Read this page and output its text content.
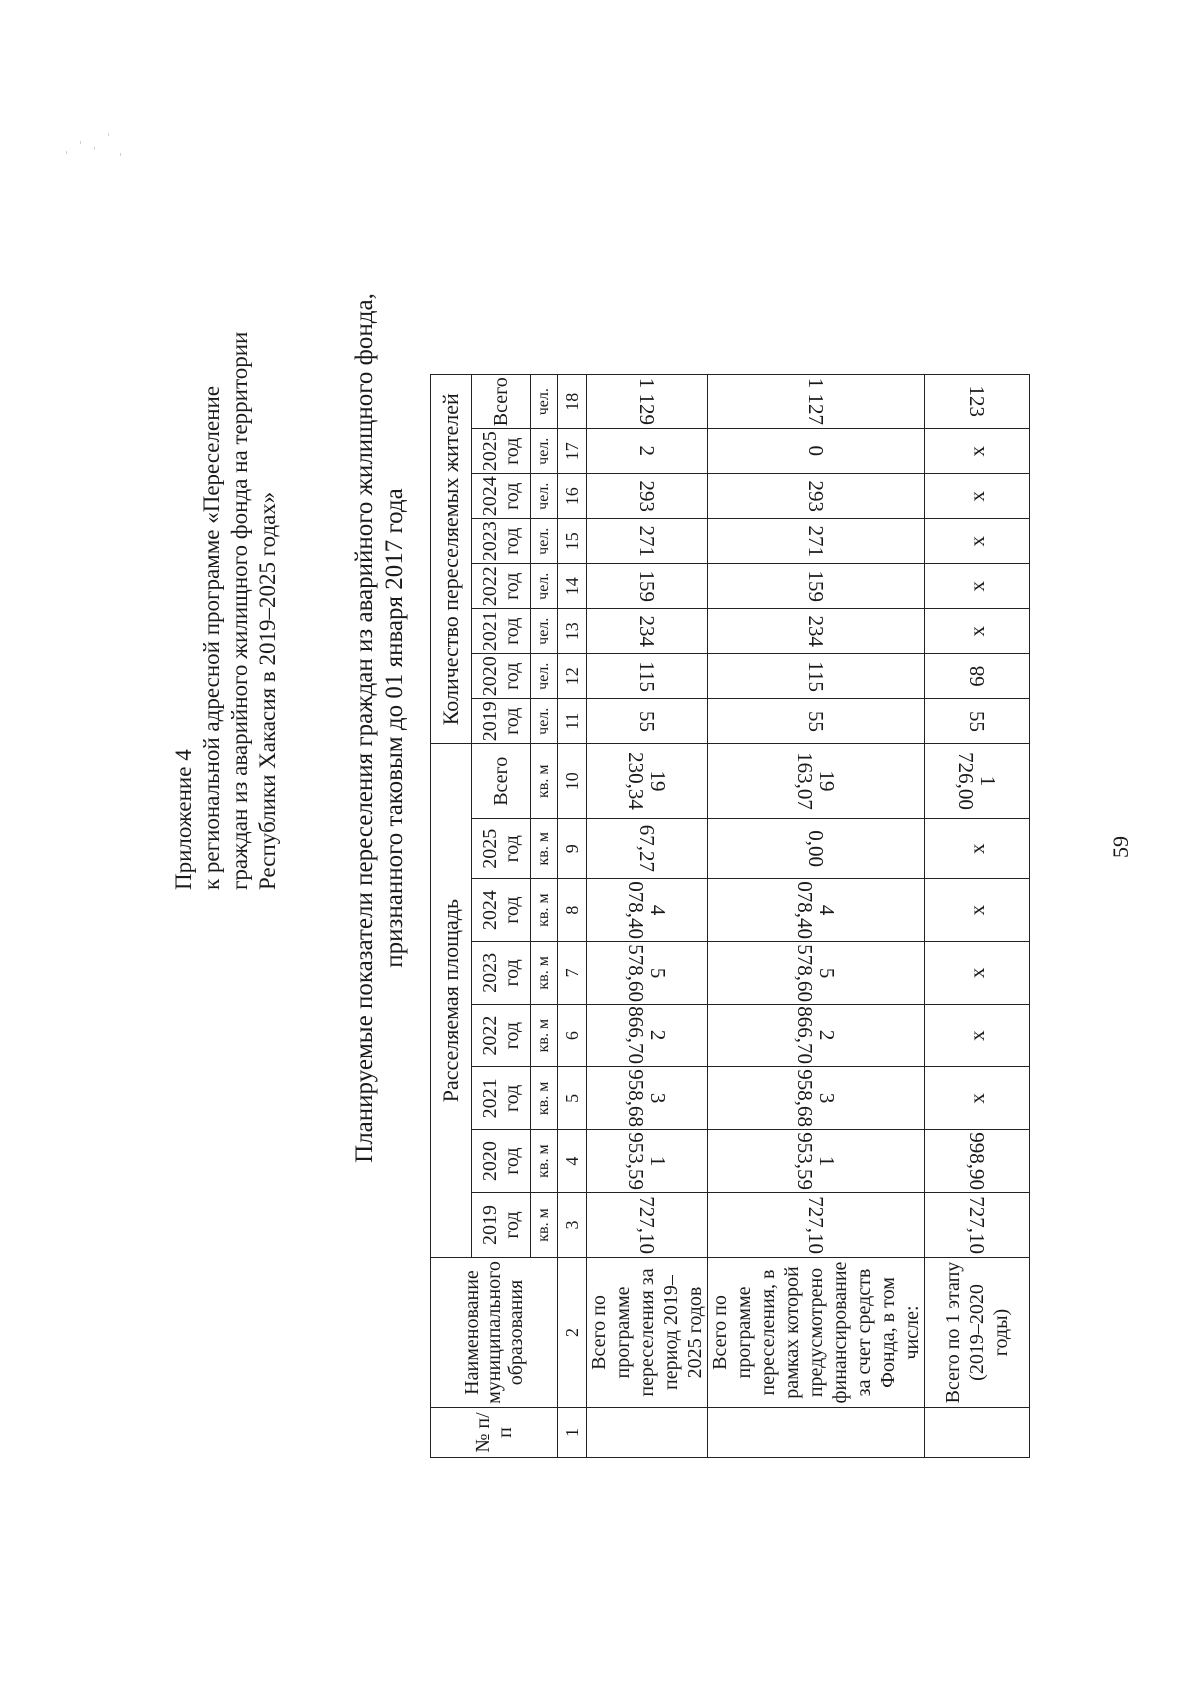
59
Приложение 4 к региональной адресной программе «Переселение граждан из аварийного жилищного фонда на территории Республики Хакасия в 2019–2025 годах»	Планируемые показатели переселения граждан из аварийного жилищного фонда, признанного таковым до 01 января 2017 года
№ п/п	Наименование муниципального образования	Расселяемая площадь								Количество переселяемых жителей							
		2019 год	2020 год	2021 год	2022 год	2023 год	2024 год	2025 год	Всего	2019 год	2020 год	2021 год	2022 год	2023 год	2024 год	2025 год	Всего
		кв. м	кв. м	кв. м	кв. м	кв. м	кв. м	кв. м	кв. м	чел.	чел.	чел.	чел.	чел.	чел.	чел.	чел.
1	2	3	4	5	6	7	8	9	10	11	12	13	14	15	16	17	18
	Всего по программе переселения за период 2019–2025 годов	727,10	1 953,59	3 958,68	2 866,70	5 578,60	4 078,40	67,27	19 230,34	55	115	234	159	271	293	2	1 129
	Всего по программе переселения, в рамках которой предусмотрено финансирование за счет средств Фонда, в том числе:	727,10	1 953,59	3 958,68	2 866,70	5 578,60	4 078,40	0,00	19 163,07	55	115	234	159	271	293	0	1 127
	Всего по 1 этапу (2019–2020 годы)	727,10	998,90	х	х	х	х	х	1 726,00	55	68	х	х	х	х	х	123
